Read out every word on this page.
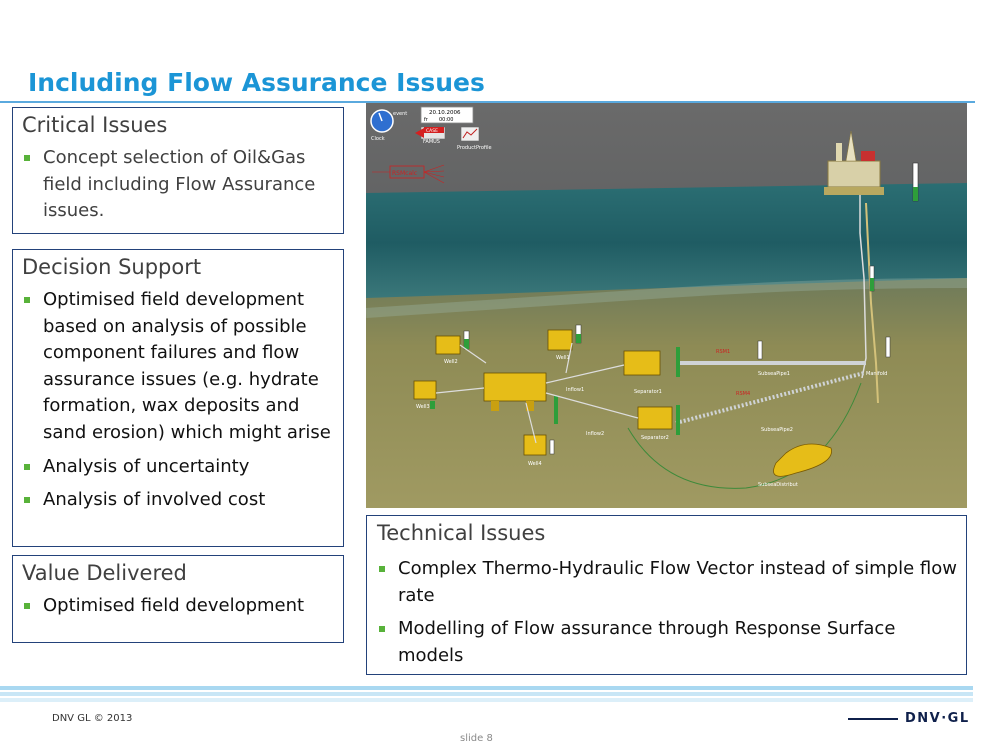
Including Flow Assurance Issues
Critical Issues
Concept selection of Oil&Gas field including Flow Assurance issues.
Decision Support
Optimised field development based on analysis of possible component failures and flow assurance issues (e.g. hydrate formation, wax deposits and sand erosion) which might arise
Analysis of uncertainty
Analysis of involved cost
Value Delivered
Optimised field development
Technical Issues
Complex Thermo-Hydraulic Flow Vector instead of simple flow rate
Modelling of Flow assurance through Response Surface models
Clock
event	20.10.2006
fr 00:00
CASE
FAMUS
ProductProfile
RSMcalc
Well2
Well1
Well3
Well4
Separator1
Separator2
SubseaPipe1
SubseaPipe2
SubseaDistribut
Manifold
Inflow1
Inflow2
RSM1
RSM4
DNV GL © 2013
slide 8
DNV·GL
